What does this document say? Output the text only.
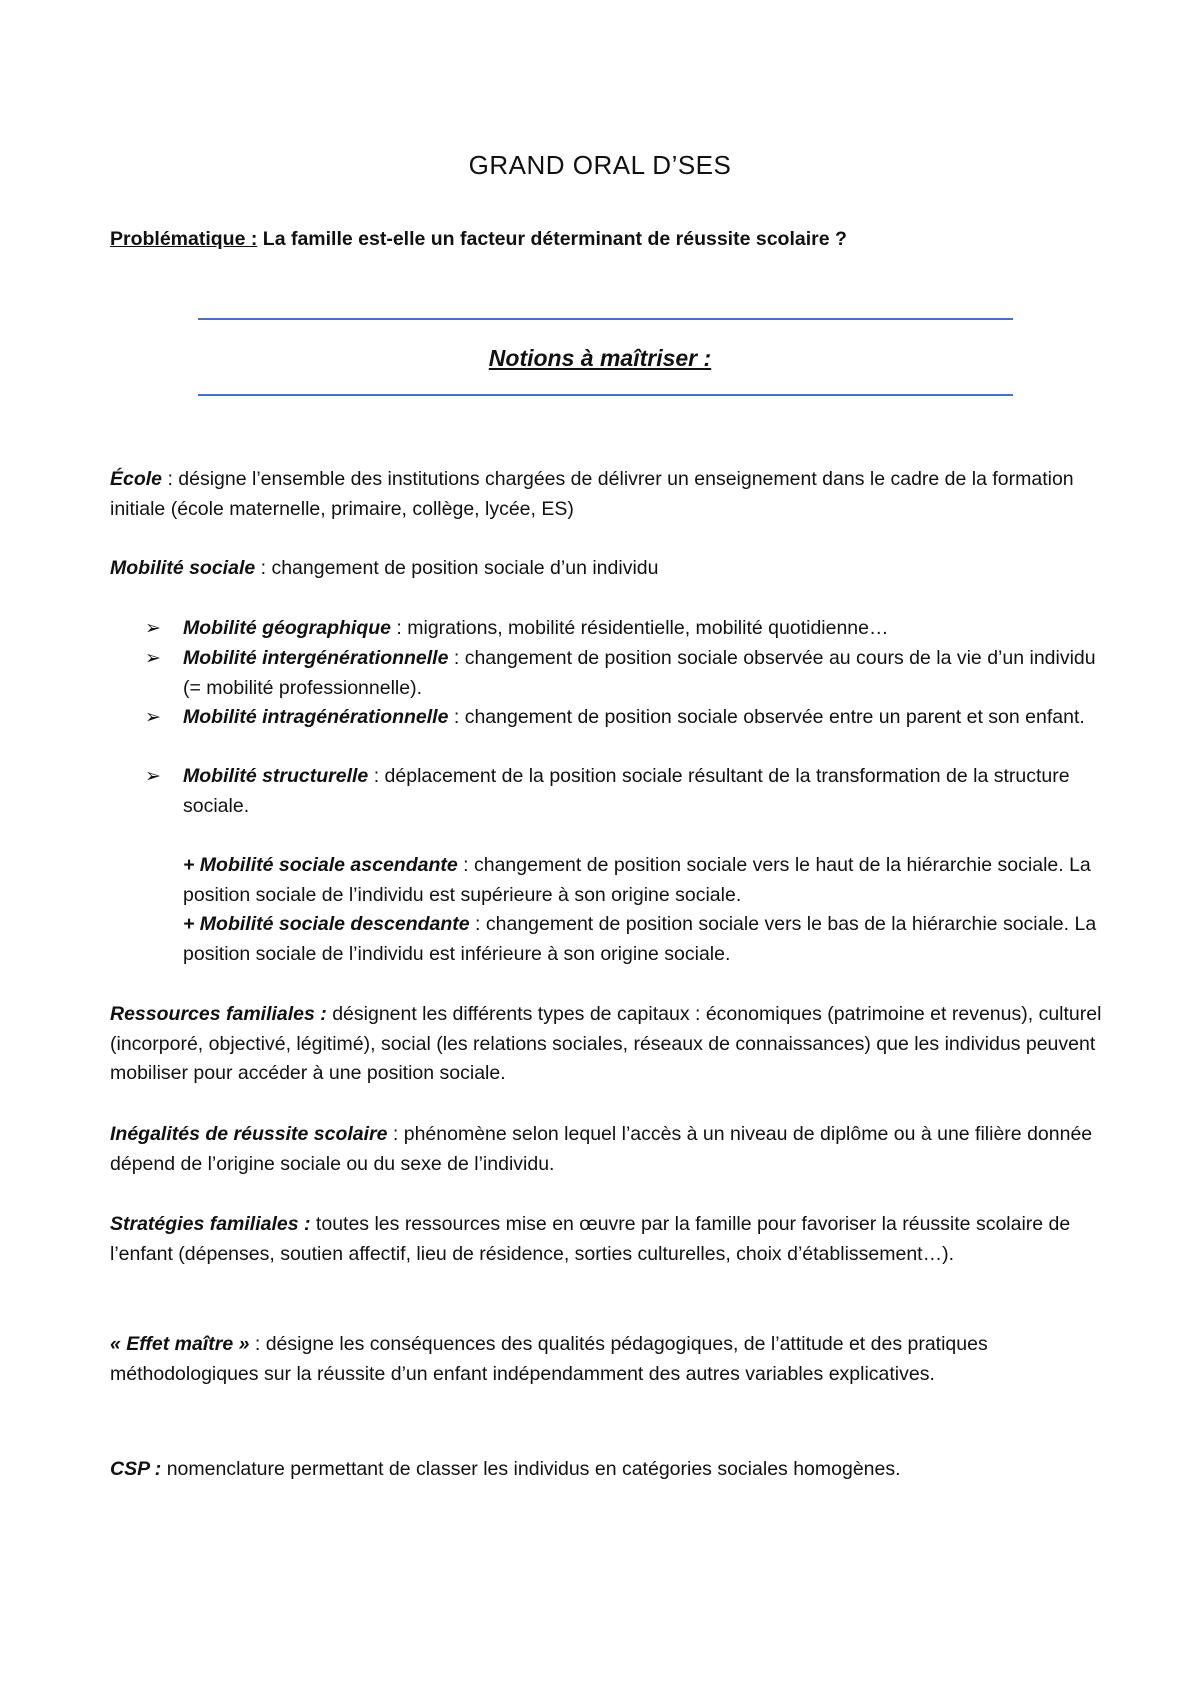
GRAND ORAL D’SES
Problématique : La famille est-elle un facteur déterminant de réussite scolaire ?
Notions à maîtriser :
École : désigne l’ensemble des institutions chargées de délivrer un enseignement dans le cadre de la formation initiale (école maternelle, primaire, collège, lycée, ES)
Mobilité sociale : changement de position sociale d’un individu
➢ Mobilité géographique : migrations, mobilité résidentielle, mobilité quotidienne…
➢ Mobilité intergénérationnelle : changement de position sociale observée au cours de la vie d’un individu (= mobilité professionnelle).
➢ Mobilité intragénérationnelle : changement de position sociale observée entre un parent et son enfant.
➢ Mobilité structurelle : déplacement de la position sociale résultant de la transformation de la structure sociale.
+ Mobilité sociale ascendante : changement de position sociale vers le haut de la hiérarchie sociale. La position sociale de l’individu est supérieure à son origine sociale.
+ Mobilité sociale descendante : changement de position sociale vers le bas de la hiérarchie sociale. La position sociale de l’individu est inférieure à son origine sociale.
Ressources familiales : désignent les différents types de capitaux : économiques (patrimoine et revenus), culturel (incorporé, objectivé, légitimé), social (les relations sociales, réseaux de connaissances) que les individus peuvent mobiliser pour accéder à une position sociale.
Inégalités de réussite scolaire : phénomène selon lequel l’accès à un niveau de diplôme ou à une filière donnée dépend de l’origine sociale ou du sexe de l’individu.
Stratégies familiales : toutes les ressources mise en œuvre par la famille pour favoriser la réussite scolaire de l’enfant (dépenses, soutien affectif, lieu de résidence, sorties culturelles, choix d’établissement…).
« Effet maître » : désigne les conséquences des qualités pédagogiques, de l’attitude et des pratiques méthodologiques sur la réussite d’un enfant indépendamment des autres variables explicatives.
CSP : nomenclature permettant de classer les individus en catégories sociales homogènes.
